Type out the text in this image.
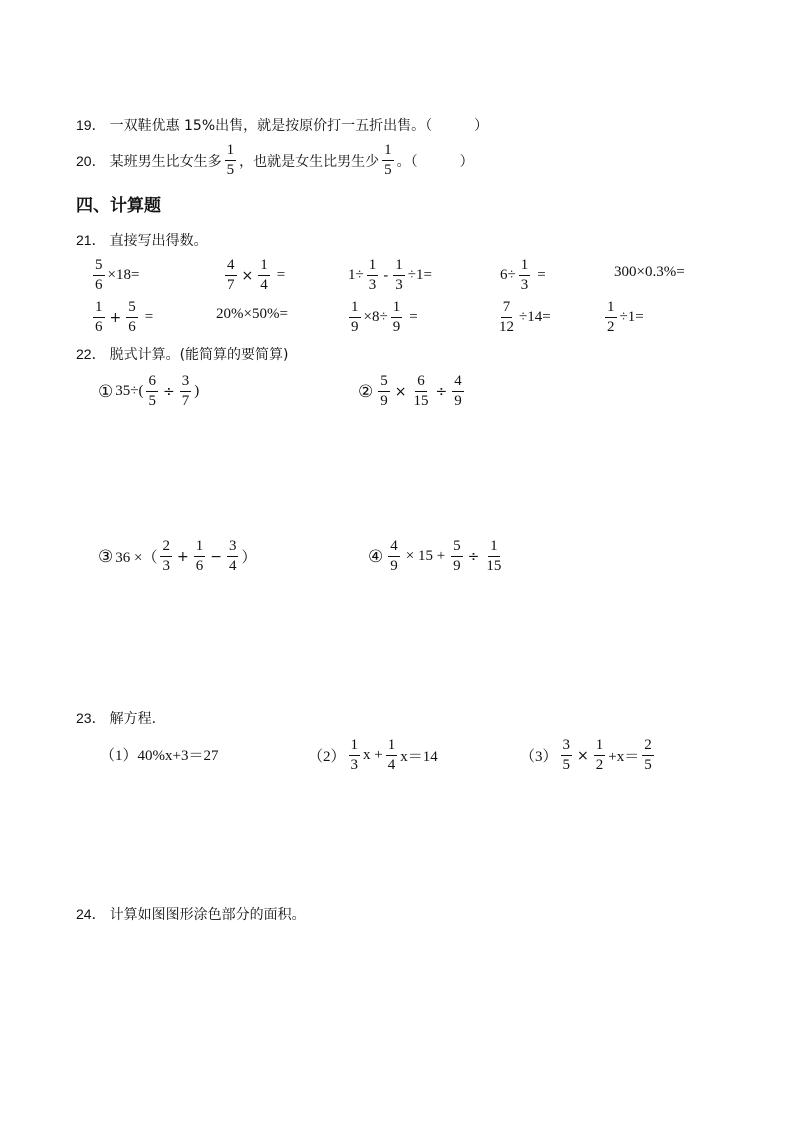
19． 一双鞋优惠 15%出售，就是按原价打一五折出售。（　　　）
20． 某班男生比女生多 $\frac{1}{5}$ ，也就是女生比男生少 $\frac{1}{5}$ 。（　　　）
四、计算题
21． 直接写出得数。
$\frac{5}{6} \times 18=$	$\frac{4}{7} \times \frac{1}{4}$ =	$1\div \frac{1}{3} - \frac{1}{3} \div 1=$	$6\div \frac{1}{3}$ =	300×0.3%=
$\frac{1}{6} + \frac{5}{6}$ =	20%×50%=	$\frac{1}{9} \times 8\div \frac{1}{9}$ =	$\frac{7}{12} \div 14=$	$\frac{1}{2} \div 1=$
22． 脱式计算。(能简算的要简算)
① $35\div( \frac{6}{5} \div \frac{3}{7}$ )	② $\frac{5}{9} \times \frac{6}{15} \div \frac{4}{9}$
③ 36 ×（ $\frac{2}{3} + \frac{1}{6} - \frac{3}{4}$ ）	④ $\frac{4}{9} \times 15 + \frac{5}{9} \div \frac{1}{15}$
23． 解方程.
（1）40%x+3＝27	$(2) \frac{1}{3}$ $x + \frac{1}{4} x=14$	$(3) \frac{3}{5} \times \frac{1}{2} +x= \frac{2}{5}$
24． 计算如图图形涂色部分的面积。
